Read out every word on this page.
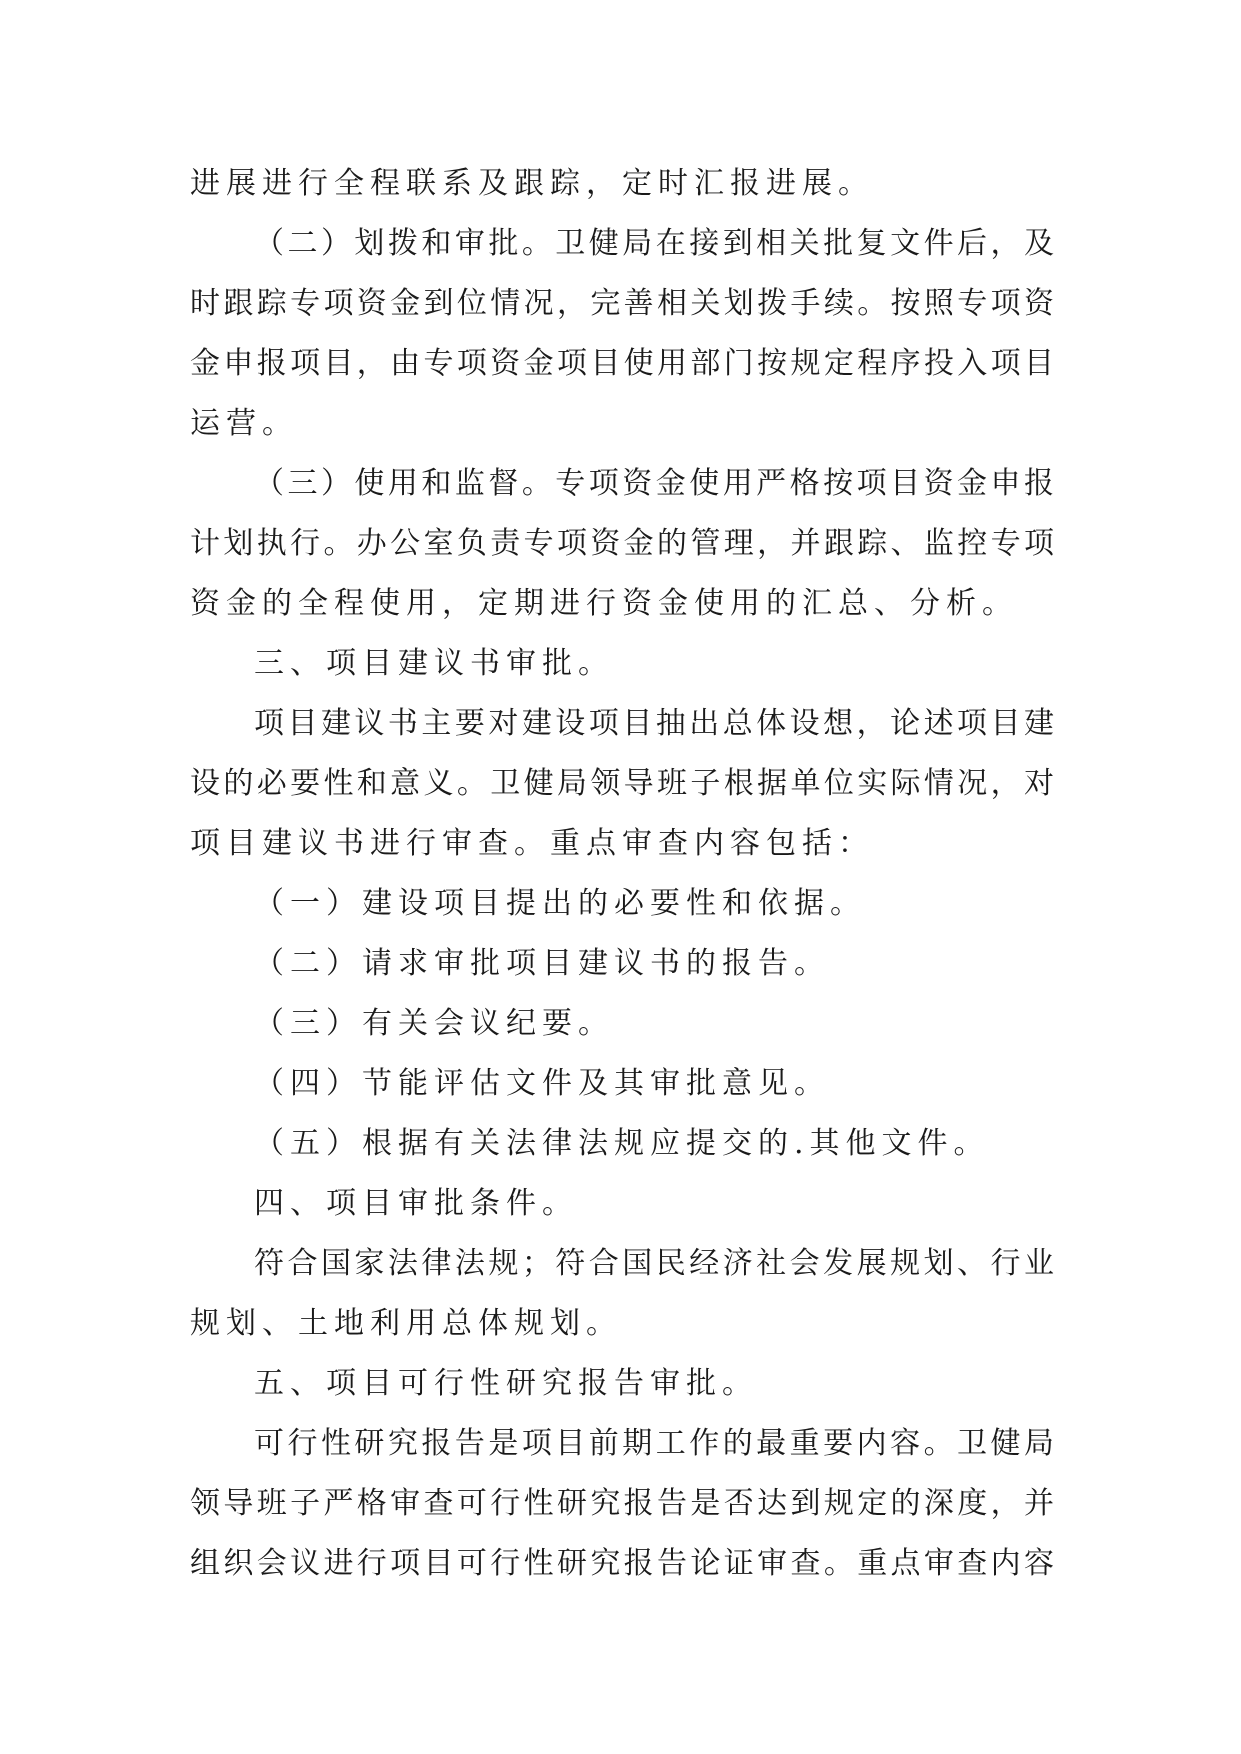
进展进行全程联系及跟踪，定时汇报进展。
（二）划拨和审批。卫健局在接到相关批复文件后，及
时跟踪专项资金到位情况，完善相关划拨手续。按照专项资
金申报项目，由专项资金项目使用部门按规定程序投入项目
运营。
（三）使用和监督。专项资金使用严格按项目资金申报
计划执行。办公室负责专项资金的管理，并跟踪、监控专项
资金的全程使用，定期进行资金使用的汇总、分析。
三、项目建议书审批。
项目建议书主要对建设项目抽出总体设想，论述项目建
设的必要性和意义。卫健局领导班子根据单位实际情况，对
项目建议书进行审查。重点审查内容包括：
（一）建设项目提出的必要性和依据。
（二）请求审批项目建议书的报告。
（三）有关会议纪要。
（四）节能评估文件及其审批意见。
（五）根据有关法律法规应提交的.其他文件。
四、项目审批条件。
符合国家法律法规；符合国民经济社会发展规划、行业
规划、土地利用总体规划。
五、项目可行性研究报告审批。
可行性研究报告是项目前期工作的最重要内容。卫健局
领导班子严格审查可行性研究报告是否达到规定的深度，并
组织会议进行项目可行性研究报告论证审查。重点审查内容
